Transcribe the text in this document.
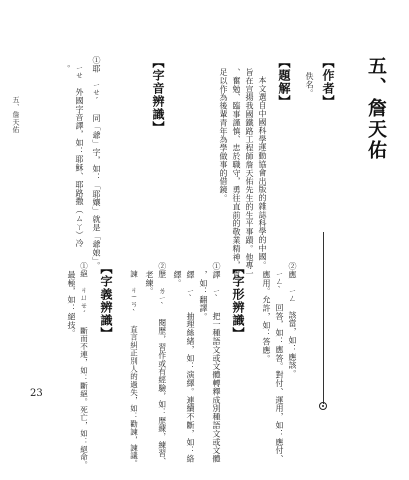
五、詹天佑
【作者】
佚名。
【題解】
本文選自中國科學運動協會出版的雜誌科學的中國。
旨在宣揚我國鐵路工程師詹天佑先生的生平事蹟。他專一
、奮勉、臨事謹慎、忠於職守，勇往直前的敬業精神，實
足以作為後輩青年為學做事的借鏡。
【字音辨識】
①耶　ㄧㄝˊ　同「爺」字，如：「耶孃」就是「爺娘」。
　ㄧㄝ　外國字音譯，如：耶穌、耶路撒（ㄙㄚ）冷
　。
②應　ㄧㄥ　該當，如：應該。
　ㄧㄥˋ　回答，如：應答。對付、運用，如：應付、
　應用。允許，如：答應。
【字形辨識】
①譯　ㄧˋ　把一種語文或文體轉釋成別種語文或文體
　，如：翻譯。
　繹　ㄧˋ　抽理絲緒，如：演繹。連續不斷，如：絡
　繹。
②歷　ㄌㄧˋ　閱歷，習作或有經驗，如：歷練，練習、
　老練。
　諫　ㄐㄧㄢˋ　直言糾正別人的過失，如：勸諫，諫議。
【字義辨識】
①絕　ㄐㄩㄝˊ　斷而不連，如：斷絕。死亡，如：絕命。
　最極，如：絕技。
五、詹天佑
23
